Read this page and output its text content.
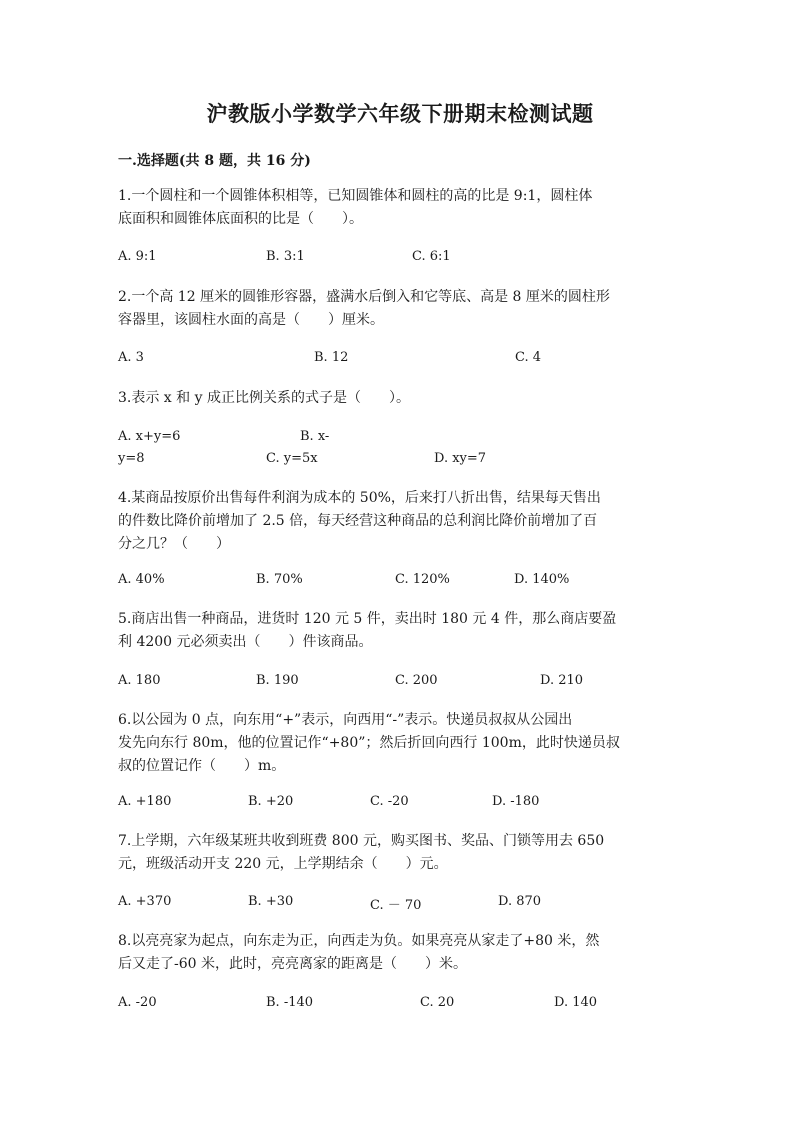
沪教版小学数学六年级下册期末检测试题
一.选择题(共 8 题，共 16 分)
1.一个圆柱和一个圆锥体积相等，已知圆锥体和圆柱的高的比是 9:1，圆柱体
底面积和圆锥体底面积的比是（　　）。
A. 9:1	B. 3:1	C. 6:1
2.一个高 12 厘米的圆锥形容器，盛满水后倒入和它等底、高是 8 厘米的圆柱形
容器里，该圆柱水面的高是（　　）厘米。
A. 3	B. 12	C. 4
3.表示 x 和 y 成正比例关系的式子是（　　）。
A. x+y=6	B. x-
y=8	C. y=5x	D. xy=7
4.某商品按原价出售每件利润为成本的 50%，后来打八折出售，结果每天售出
的件数比降价前增加了 2.5 倍，每天经营这种商品的总利润比降价前增加了百
分之几？（　　）
A. 40%	B. 70%	C. 120%	D. 140%
5.商店出售一种商品，进货时 120 元 5 件，卖出时 180 元 4 件，那么商店要盈
利 4200 元必须卖出（　　）件该商品。
A. 180	B. 190	C. 200	D. 210
6.以公园为 0 点，向东用“+”表示，向西用“-”表示。快递员叔叔从公园出
发先向东行 80m，他的位置记作“+80”；然后折回向西行 100m，此时快递员叔
叔的位置记作（　　）m。
A. +180	B. +20	C. -20	D. -180
7.上学期，六年级某班共收到班费 800 元，购买图书、奖品、门锁等用去 650
元，班级活动开支 220 元，上学期结余（　　）元。
A. +370	B. +30	C. － 70	D. 870
8.以亮亮家为起点，向东走为正，向西走为负。如果亮亮从家走了+80 米，然
后又走了-60 米，此时，亮亮离家的距离是（　　）米。
A. -20	B. -140	C. 20	D. 140
